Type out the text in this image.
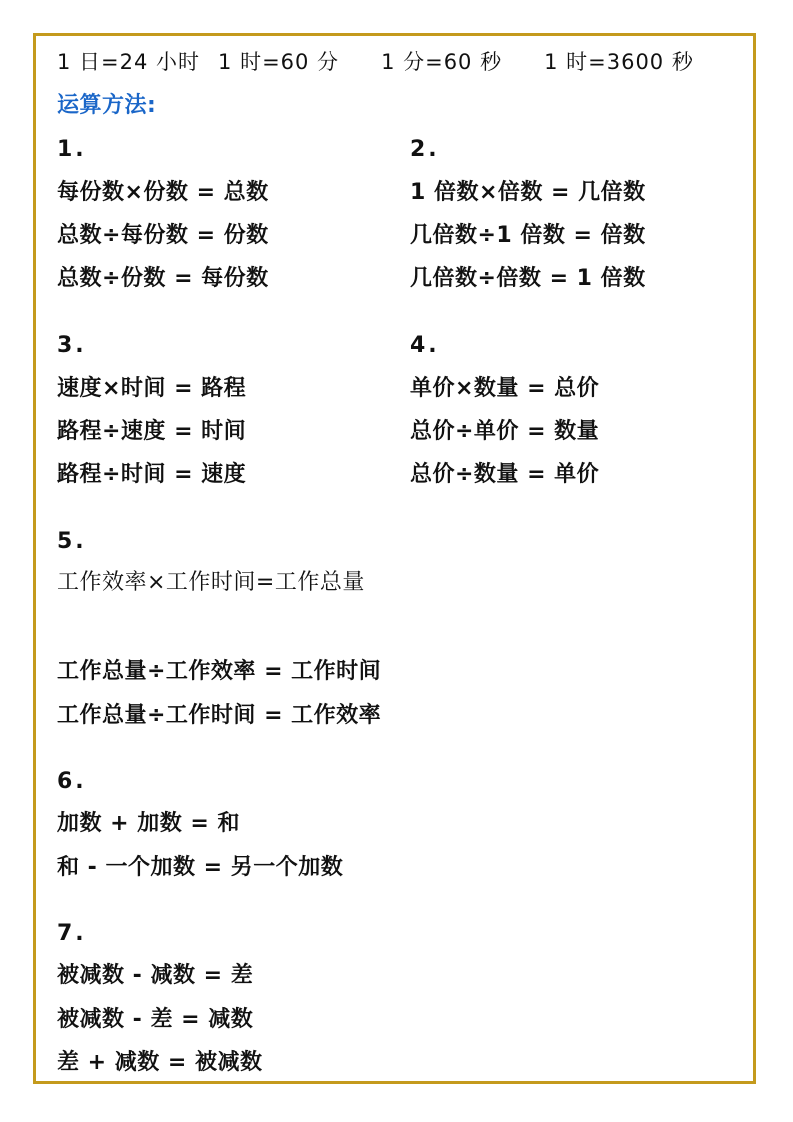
1 日=24 小时 1 时=60 分 1 分=60 秒 1 时=3600 秒
运算方法:
1.
每份数×份数 = 总数
总数÷每份数 = 份数
总数÷份数 = 每份数
2.
1 倍数×倍数 = 几倍数
几倍数÷1 倍数 = 倍数
几倍数÷倍数 = 1 倍数
3.
速度×时间 = 路程
路程÷速度 = 时间
路程÷时间 = 速度
4.
单价×数量 = 总价
总价÷单价 = 数量
总价÷数量 = 单价
5.
工作效率×工作时间=工作总量
工作总量÷工作效率 = 工作时间
工作总量÷工作时间 = 工作效率
6.
加数 + 加数 = 和
和 - 一个加数 = 另一个加数
7.
被减数 - 减数 = 差
被减数 - 差 = 减数
差 + 减数 = 被减数
